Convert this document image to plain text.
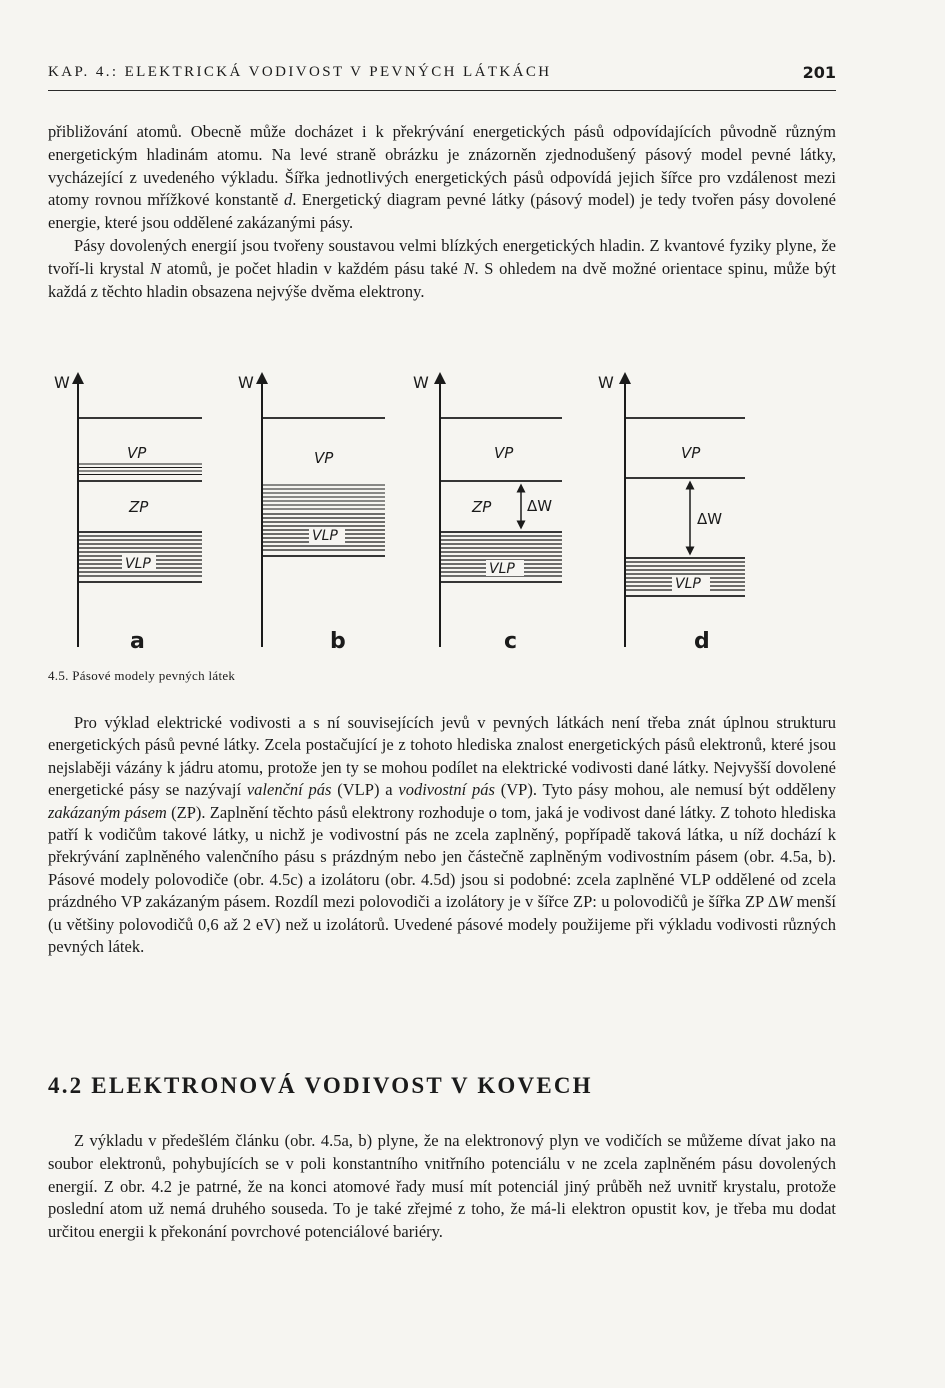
KAP. 4.: ELEKTRICKÁ VODIVOST V PEVNÝCH LÁTKÁCH	201

přibližování atomů. Obecně může docházet i k překrývání energetických pásů odpovídajících původně různým energetickým hladinám atomu. Na levé straně obrázku je znázorněn zjednodušený pásový model pevné látky, vycházející z uvedeného výkladu. Šířka jednotlivých energetických pásů odpovídá jejich šířce pro vzdálenost mezi atomy rovnou mřížkové konstantě d. Energetický diagram pevné látky (pásový model) je tedy tvořen pásy dovolené energie, které jsou oddělené zakázanými pásy.
Pásy dovolených energií jsou tvořeny soustavou velmi blízkých energetických hladin. Z kvantové fyziky plyne, že tvoří-li krystal N atomů, je počet hladin v každém pásu také N. S ohledem na dvě možné orientace spinu, může být každá z těchto hladin obsazena nejvýše dvěma elektrony.

W
VP
ZP
VLP
a
W
VP
VLP
b
W
VP
ZP ΔW
VLP
c
W
VP
ΔW
VLP
d
4.5. Pásové modely pevných látek

Pro výklad elektrické vodivosti a s ní souvisejících jevů v pevných látkách není třeba znát úplnou strukturu energetických pásů pevné látky. Zcela postačující je z tohoto hlediska znalost energetických pásů elektronů, které jsou nejslaběji vázány k jádru atomu, protože jen ty se mohou podílet na elektrické vodivosti dané látky. Nejvyšší dovolené energetické pásy se nazývají valenční pás (VLP) a vodivostní pás (VP). Tyto pásy mohou, ale nemusí být odděleny zakázaným pásem (ZP). Zaplnění těchto pásů elektrony rozhoduje o tom, jaká je vodivost dané látky. Z tohoto hlediska patří k vodičům takové látky, u nichž je vodivostní pás ne zcela zaplněný, popřípadě taková látka, u níž dochází k překrývání zaplněného valenčního pásu s prázdným nebo jen částečně zaplněným vodivostním pásem (obr. 4.5a, b). Pásové modely polovodiče (obr. 4.5c) a izolátoru (obr. 4.5d) jsou si podobné: zcela zaplněné VLP oddělené od zcela prázdného VP zakázaným pásem. Rozdíl mezi polovodiči a izolátory je v šířce ZP: u polovodičů je šířka ZP ΔW menší (u většiny polovodičů 0,6 až 2 eV) než u izolátorů. Uvedené pásové modely použijeme při výkladu vodivosti různých pevných látek.

4.2 ELEKTRONOVÁ VODIVOST V KOVECH

Z výkladu v předešlém článku (obr. 4.5a, b) plyne, že na elektronový plyn ve vodičích se můžeme dívat jako na soubor elektronů, pohybujících se v poli konstantního vnitřního potenciálu v ne zcela zaplněném pásu dovolených energií. Z obr. 4.2 je patrné, že na konci atomové řady musí mít potenciál jiný průběh než uvnitř krystalu, protože poslední atom už nemá druhého souseda. To je také zřejmé z toho, že má-li elektron opustit kov, je třeba mu dodat určitou energii k překonání povrchové potenciálové bariéry.
